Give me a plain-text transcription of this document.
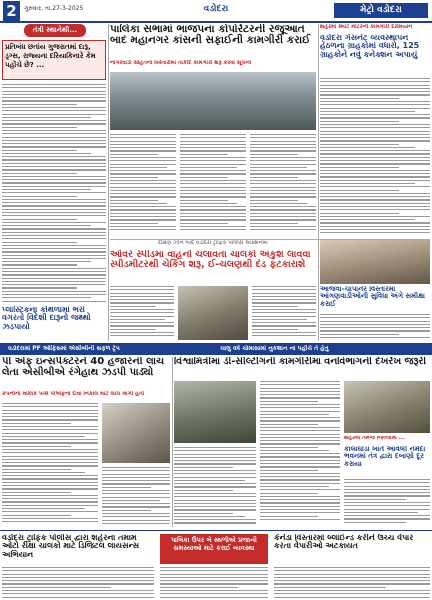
2	ગુરુવાર, તા.27-3-2025	વડોદરા	મેટ્રો વડોદરા
તંત્રી સ્થાનેથી...
પ્રતિબંધ છતાંય ગુજરાતમાં દારૂ, ડ્રગ્સ, રાજ્યના દરિયાકિનારે કેમ પહોંચે છે? ...
પ્લાસ્ટિકના કોથળામાં ભરાં વગરતો વિદેશી દારૂનો જથ્થો ઝડપાયો
પાલિકા સભામાં ભાજપના કોર્પોરેટરની રજૂઆત બાદ મહાનગર કાંસની સફાઈની કામગીરી કરાઈ
નાગરવાડી સહિતના વિસ્તારોમાં તાકીદે કામગીરી શરૂ કરવા સૂચના
શહેરમાં સ્માર્ટ મીટરની કામગીરી દરમિયાન
વડોદરા ગેસનેટ વ્યવસ્થાપન હેઠળના ગ્રાહકોમાં વધારો, 125 ગ્રાહકોને નવું કનેક્શન અપાયું
દક્ષિણ ઝોન બાદ વડોદરા ટ્રાફિક પોલીસ એક્શનમાં
ઓવર સ્પીડમાં વાહનો ચલાવતા ચાલકો અંકુશ લાવવા સ્પીડમીટરથી ચેકિંગ શરૂ, ઈ-ચલણથી દંડ ફટકારાશે
આજવા-ચાંપાનેર વિસ્તારમાં આંગણવાડીઓની સુવિધા અંગે સમીક્ષા કરાઈ
વડોદરામાં PF ઓફિસમાં એસીબીની સફળ ટ્રેપ	ચાલુ વર્ષે ચોમાસામાં નુકશાન ના પહોંચે તે હેતુ
પી એફ ઇન્સપેક્ટરને 40 હજારની લાંચ લેતા એસીબીએ રંગેહાથ ઝડપી પાડ્યો
કંપનીના માલિક પાસે પીએફના દાવા નિકાલ માટે લાંચ માંગી હતી
વિશ્વામિત્રીમાં ડી-સીલ્ટીંગની કામગીરીમાં વનવિભાગની દેખરેખ જરૂરી
શહેરમાં તેમજ જિલ્લામાં ...
કાલાઘોડા ખાતે આવેલી નર્મદા ભવનમાં તંત્ર દ્વારા દબાણો દૂર કરાયા
વડોદરા ટ્રાફિક પોલીસ દ્વારા શહેરના તમામ ઓટો રીક્ષા ચાલકો માટે ડિજિટલ લાયસન્સ અભિયાન
પાલિકા ઉપર બે સ્થળોએ પ્રજાની સમસ્યાઓ માટે કરાઈ વ્યવસ્થા
કેનેડા વિસ્તારમાં બ્લાઈન્ડ કરીને ઉચ્ચ વેપાર કરતા વેપારીઓ અટકાયત
